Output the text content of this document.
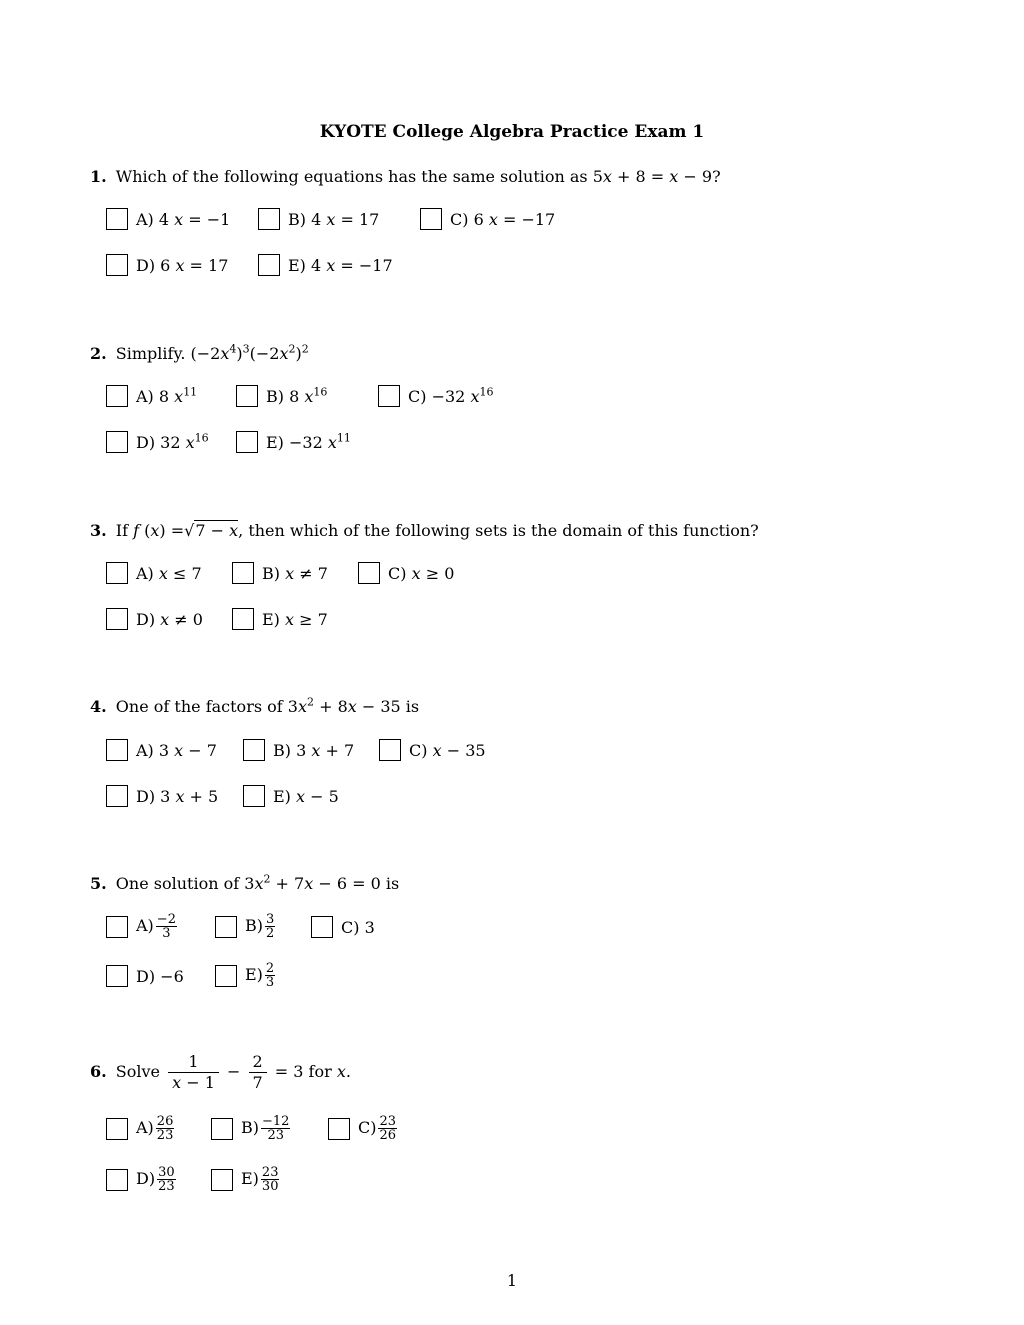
KYOTE College Algebra Practice Exam 1
1. Which of the following equations has the same solution as 5x + 8 = x − 9?
A) 4 x = −1	B) 4 x = 17	C) 6 x = −17
D) 6 x = 17	E) 4 x = −17
2. Simplify. $(-2x^4)^3(-2x^2)^2$
A) 8 $x^{11}$	B) 8 $x^{16}$	C) −32 $x^{16}$
D) 32 $x^{16}$	E) −32 $x^{11}$
3. If f (x) =√7 − x, then which of the following sets is the domain of this function?
A) x ≤ 7	B) x ≠ 7	C) x ≥ 0
D) x ≠ 0	E) x ≥ 7
4. One of the factors of $3x^2 + 8x - 35$ is
A) 3 x − 7	B) 3 x + 7	C) x − 35
D) 3 x + 5	E) x − 5
5. One solution of $3x^2 + 7x - 6 = 0$ is
$A) \frac{-2}{3}$	$B) \frac{3}{2}$	C) 3
D) −6	$E) \frac{2}{3}$
6. Solve $\frac{1}{x - 1} - \frac{2}{7} = 3$ for x.
$A) \frac{26}{23}$	$B) \frac{-12}{23}$	$C) \frac{23}{26}$
$D) \frac{30}{23}$	$E) \frac{23}{30}$
1
